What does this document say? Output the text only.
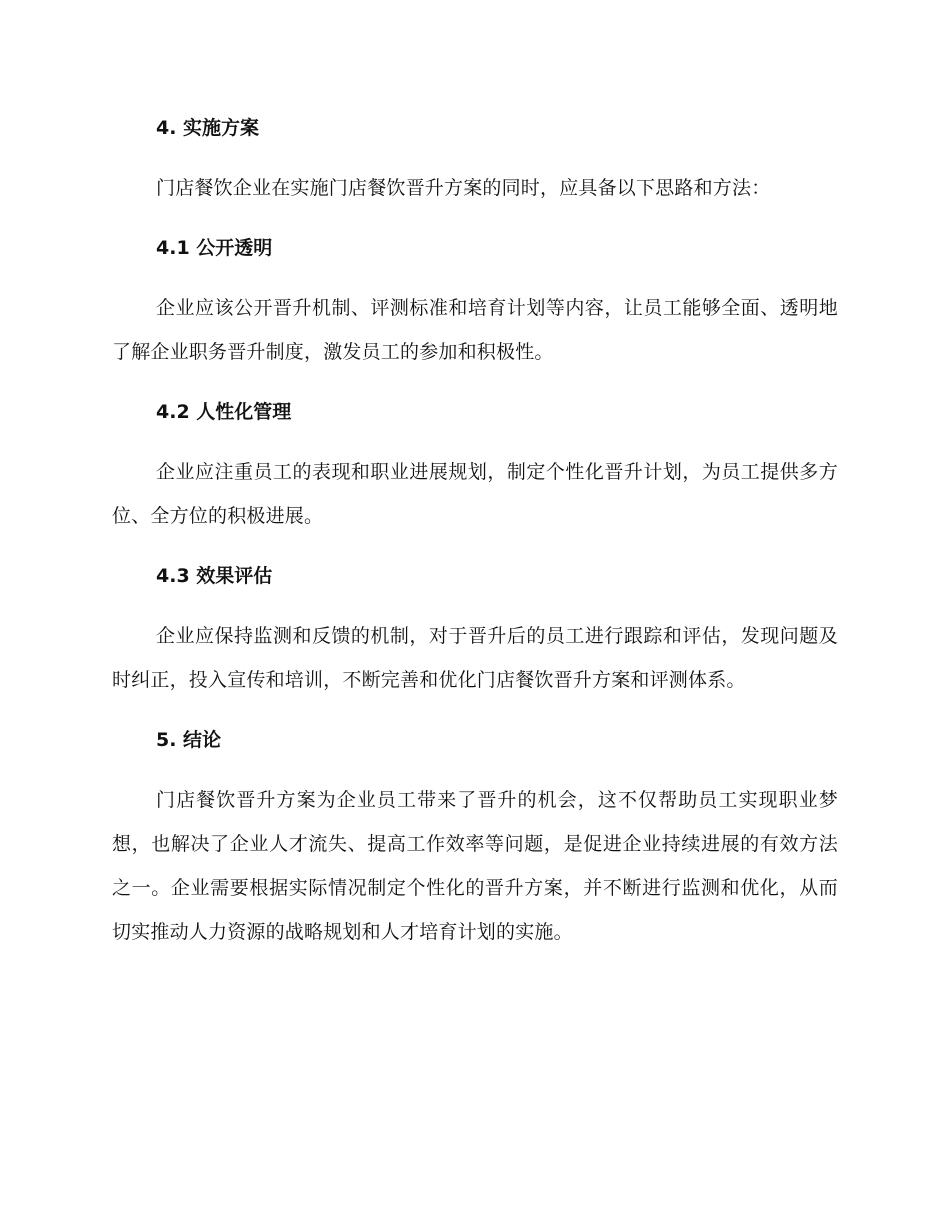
4. 实施方案

门店餐饮企业在实施门店餐饮晋升方案的同时，应具备以下思路和方法：

4.1 公开透明

企业应该公开晋升机制、评测标准和培育计划等内容，让员工能够全面、透明地了解企业职务晋升制度，激发员工的参加和积极性。

4.2 人性化管理

企业应注重员工的表现和职业进展规划，制定个性化晋升计划，为员工提供多方位、全方位的积极进展。

4.3 效果评估

企业应保持监测和反馈的机制，对于晋升后的员工进行跟踪和评估，发现问题及时纠正，投入宣传和培训，不断完善和优化门店餐饮晋升方案和评测体系。

5. 结论

门店餐饮晋升方案为企业员工带来了晋升的机会，这不仅帮助员工实现职业梦想，也解决了企业人才流失、提高工作效率等问题，是促进企业持续进展的有效方法之一。企业需要根据实际情况制定个性化的晋升方案，并不断进行监测和优化，从而切实推动人力资源的战略规划和人才培育计划的实施。
